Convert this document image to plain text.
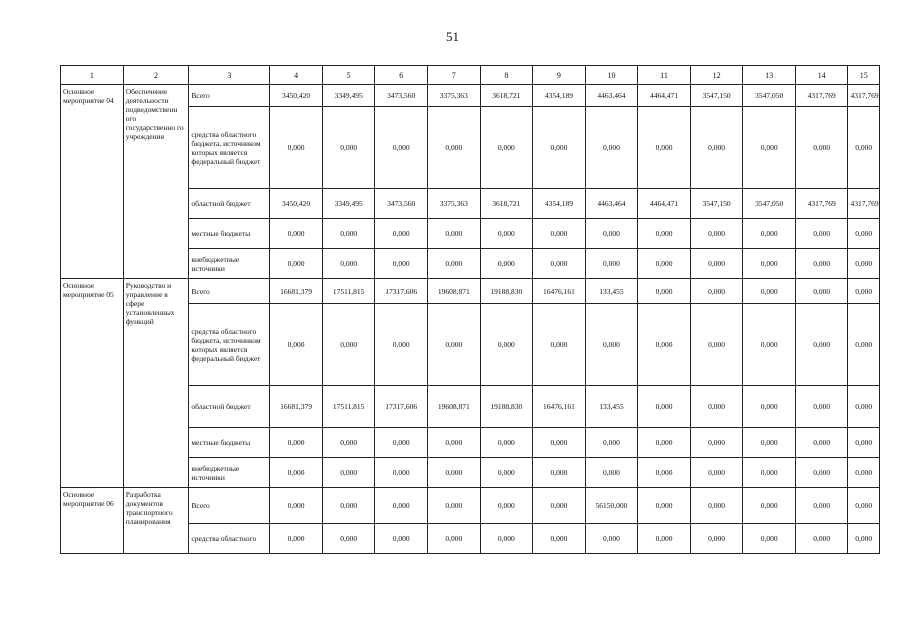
51
1	2	3	4	5	6	7	8	9	10	11	12	13	14	15
Основное мероприятие 04	Обеспечение деятельности подведомственн ого государственно го учреждения	Всего	3450,420	3349,495	3473,560	3375,363	3618,721	4354,189	4463,464	4464,471	3547,150	3547,050	4317,769	4317,769
		средства областного бюджета, источником которых является федеральный бюджет	0,000	0,000	0,000	0,000	0,000	0,000	0,000	0,000	0,000	0,000	0,000	0,000
		областной бюджет	3450,420	3349,495	3473,560	3375,363	3618,721	4354,189	4463,464	4464,471	3547,150	3547,050	4317,769	4317,769
		местные бюджеты	0,000	0,000	0,000	0,000	0,000	0,000	0,000	0,000	0,000	0,000	0,000	0,000
		внебюджетные источники	0,000	0,000	0,000	0,000	0,000	0,000	0,000	0,000	0,000	0,000	0,000	0,000
Основное мероприятие 05	Руководство и управление в сфере установленных функций	Всего	16681,379	17511,815	17317,606	19608,871	19188,830	16476,161	133,455	0,000	0,000	0,000	0,000	0,000
		средства областного бюджета, источником которых является федеральный бюджет	0,000	0,000	0,000	0,000	0,000	0,000	0,000	0,000	0,000	0,000	0,000	0,000
		областной бюджет	16681,379	17511,815	17317,606	19608,871	19188,830	16476,161	133,455	0,000	0,000	0,000	0,000	0,000
		местные бюджеты	0,000	0,000	0,000	0,000	0,000	0,000	0,000	0,000	0,000	0,000	0,000	0,000
		внебюджетные источники	0,000	0,000	0,000	0,000	0,000	0,000	0,000	0,000	0,000	0,000	0,000	0,000
Основное мероприятие 06	Разработка документов транспортного планирования	Всего	0,000	0,000	0,000	0,000	0,000	0,000	56150,000	0,000	0,000	0,000	0,000	0,000
		средства областного	0,000	0,000	0,000	0,000	0,000	0,000	0,000	0,000	0,000	0,000	0,000	0,000
